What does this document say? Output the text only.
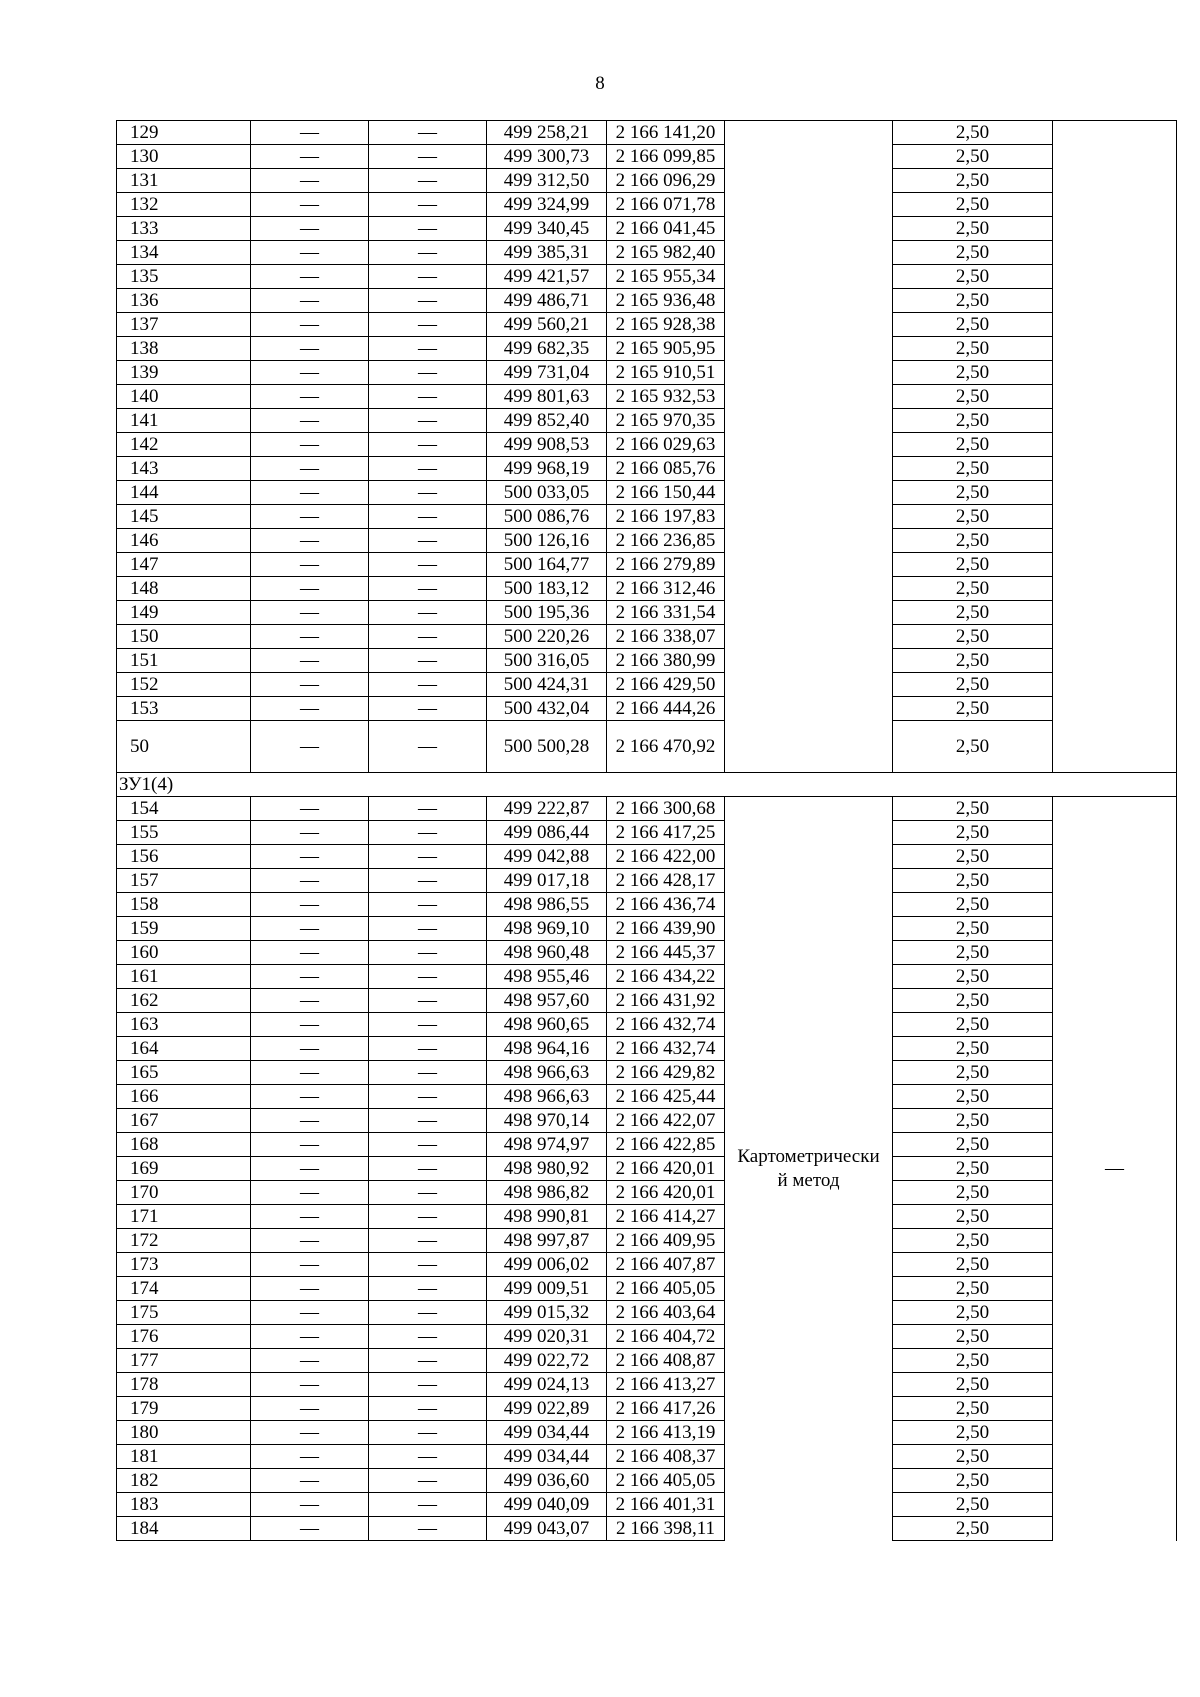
8
129	—	—	499 258,21	2 166 141,20		2,50	
130	—	—	499 300,73	2 166 099,85		2,50	
131	—	—	499 312,50	2 166 096,29		2,50	
132	—	—	499 324,99	2 166 071,78		2,50	
133	—	—	499 340,45	2 166 041,45		2,50	
134	—	—	499 385,31	2 165 982,40		2,50	
135	—	—	499 421,57	2 165 955,34		2,50	
136	—	—	499 486,71	2 165 936,48		2,50	
137	—	—	499 560,21	2 165 928,38		2,50	
138	—	—	499 682,35	2 165 905,95		2,50	
139	—	—	499 731,04	2 165 910,51		2,50	
140	—	—	499 801,63	2 165 932,53		2,50	
141	—	—	499 852,40	2 165 970,35		2,50	
142	—	—	499 908,53	2 166 029,63		2,50	
143	—	—	499 968,19	2 166 085,76		2,50	
144	—	—	500 033,05	2 166 150,44		2,50	
145	—	—	500 086,76	2 166 197,83		2,50	
146	—	—	500 126,16	2 166 236,85		2,50	
147	—	—	500 164,77	2 166 279,89		2,50	
148	—	—	500 183,12	2 166 312,46		2,50	
149	—	—	500 195,36	2 166 331,54		2,50	
150	—	—	500 220,26	2 166 338,07		2,50	
151	—	—	500 316,05	2 166 380,99		2,50	
152	—	—	500 424,31	2 166 429,50		2,50	
153	—	—	500 432,04	2 166 444,26		2,50	
50	—	—	500 500,28	2 166 470,92		2,50	
ЗУ1(4)							
154	—	—	499 222,87	2 166 300,68	Картометрически й метод	2,50	—
155	—	—	499 086,44	2 166 417,25		2,50	
156	—	—	499 042,88	2 166 422,00		2,50	
157	—	—	499 017,18	2 166 428,17		2,50	
158	—	—	498 986,55	2 166 436,74		2,50	
159	—	—	498 969,10	2 166 439,90		2,50	
160	—	—	498 960,48	2 166 445,37		2,50	
161	—	—	498 955,46	2 166 434,22		2,50	
162	—	—	498 957,60	2 166 431,92		2,50	
163	—	—	498 960,65	2 166 432,74		2,50	
164	—	—	498 964,16	2 166 432,74		2,50	
165	—	—	498 966,63	2 166 429,82		2,50	
166	—	—	498 966,63	2 166 425,44		2,50	
167	—	—	498 970,14	2 166 422,07		2,50	
168	—	—	498 974,97	2 166 422,85		2,50	
169	—	—	498 980,92	2 166 420,01		2,50	
170	—	—	498 986,82	2 166 420,01		2,50	
171	—	—	498 990,81	2 166 414,27		2,50	
172	—	—	498 997,87	2 166 409,95		2,50	
173	—	—	499 006,02	2 166 407,87		2,50	
174	—	—	499 009,51	2 166 405,05		2,50	
175	—	—	499 015,32	2 166 403,64		2,50	
176	—	—	499 020,31	2 166 404,72		2,50	
177	—	—	499 022,72	2 166 408,87		2,50	
178	—	—	499 024,13	2 166 413,27		2,50	
179	—	—	499 022,89	2 166 417,26		2,50	
180	—	—	499 034,44	2 166 413,19		2,50	
181	—	—	499 034,44	2 166 408,37		2,50	
182	—	—	499 036,60	2 166 405,05		2,50	
183	—	—	499 040,09	2 166 401,31		2,50	
184	—	—	499 043,07	2 166 398,11		2,50	
